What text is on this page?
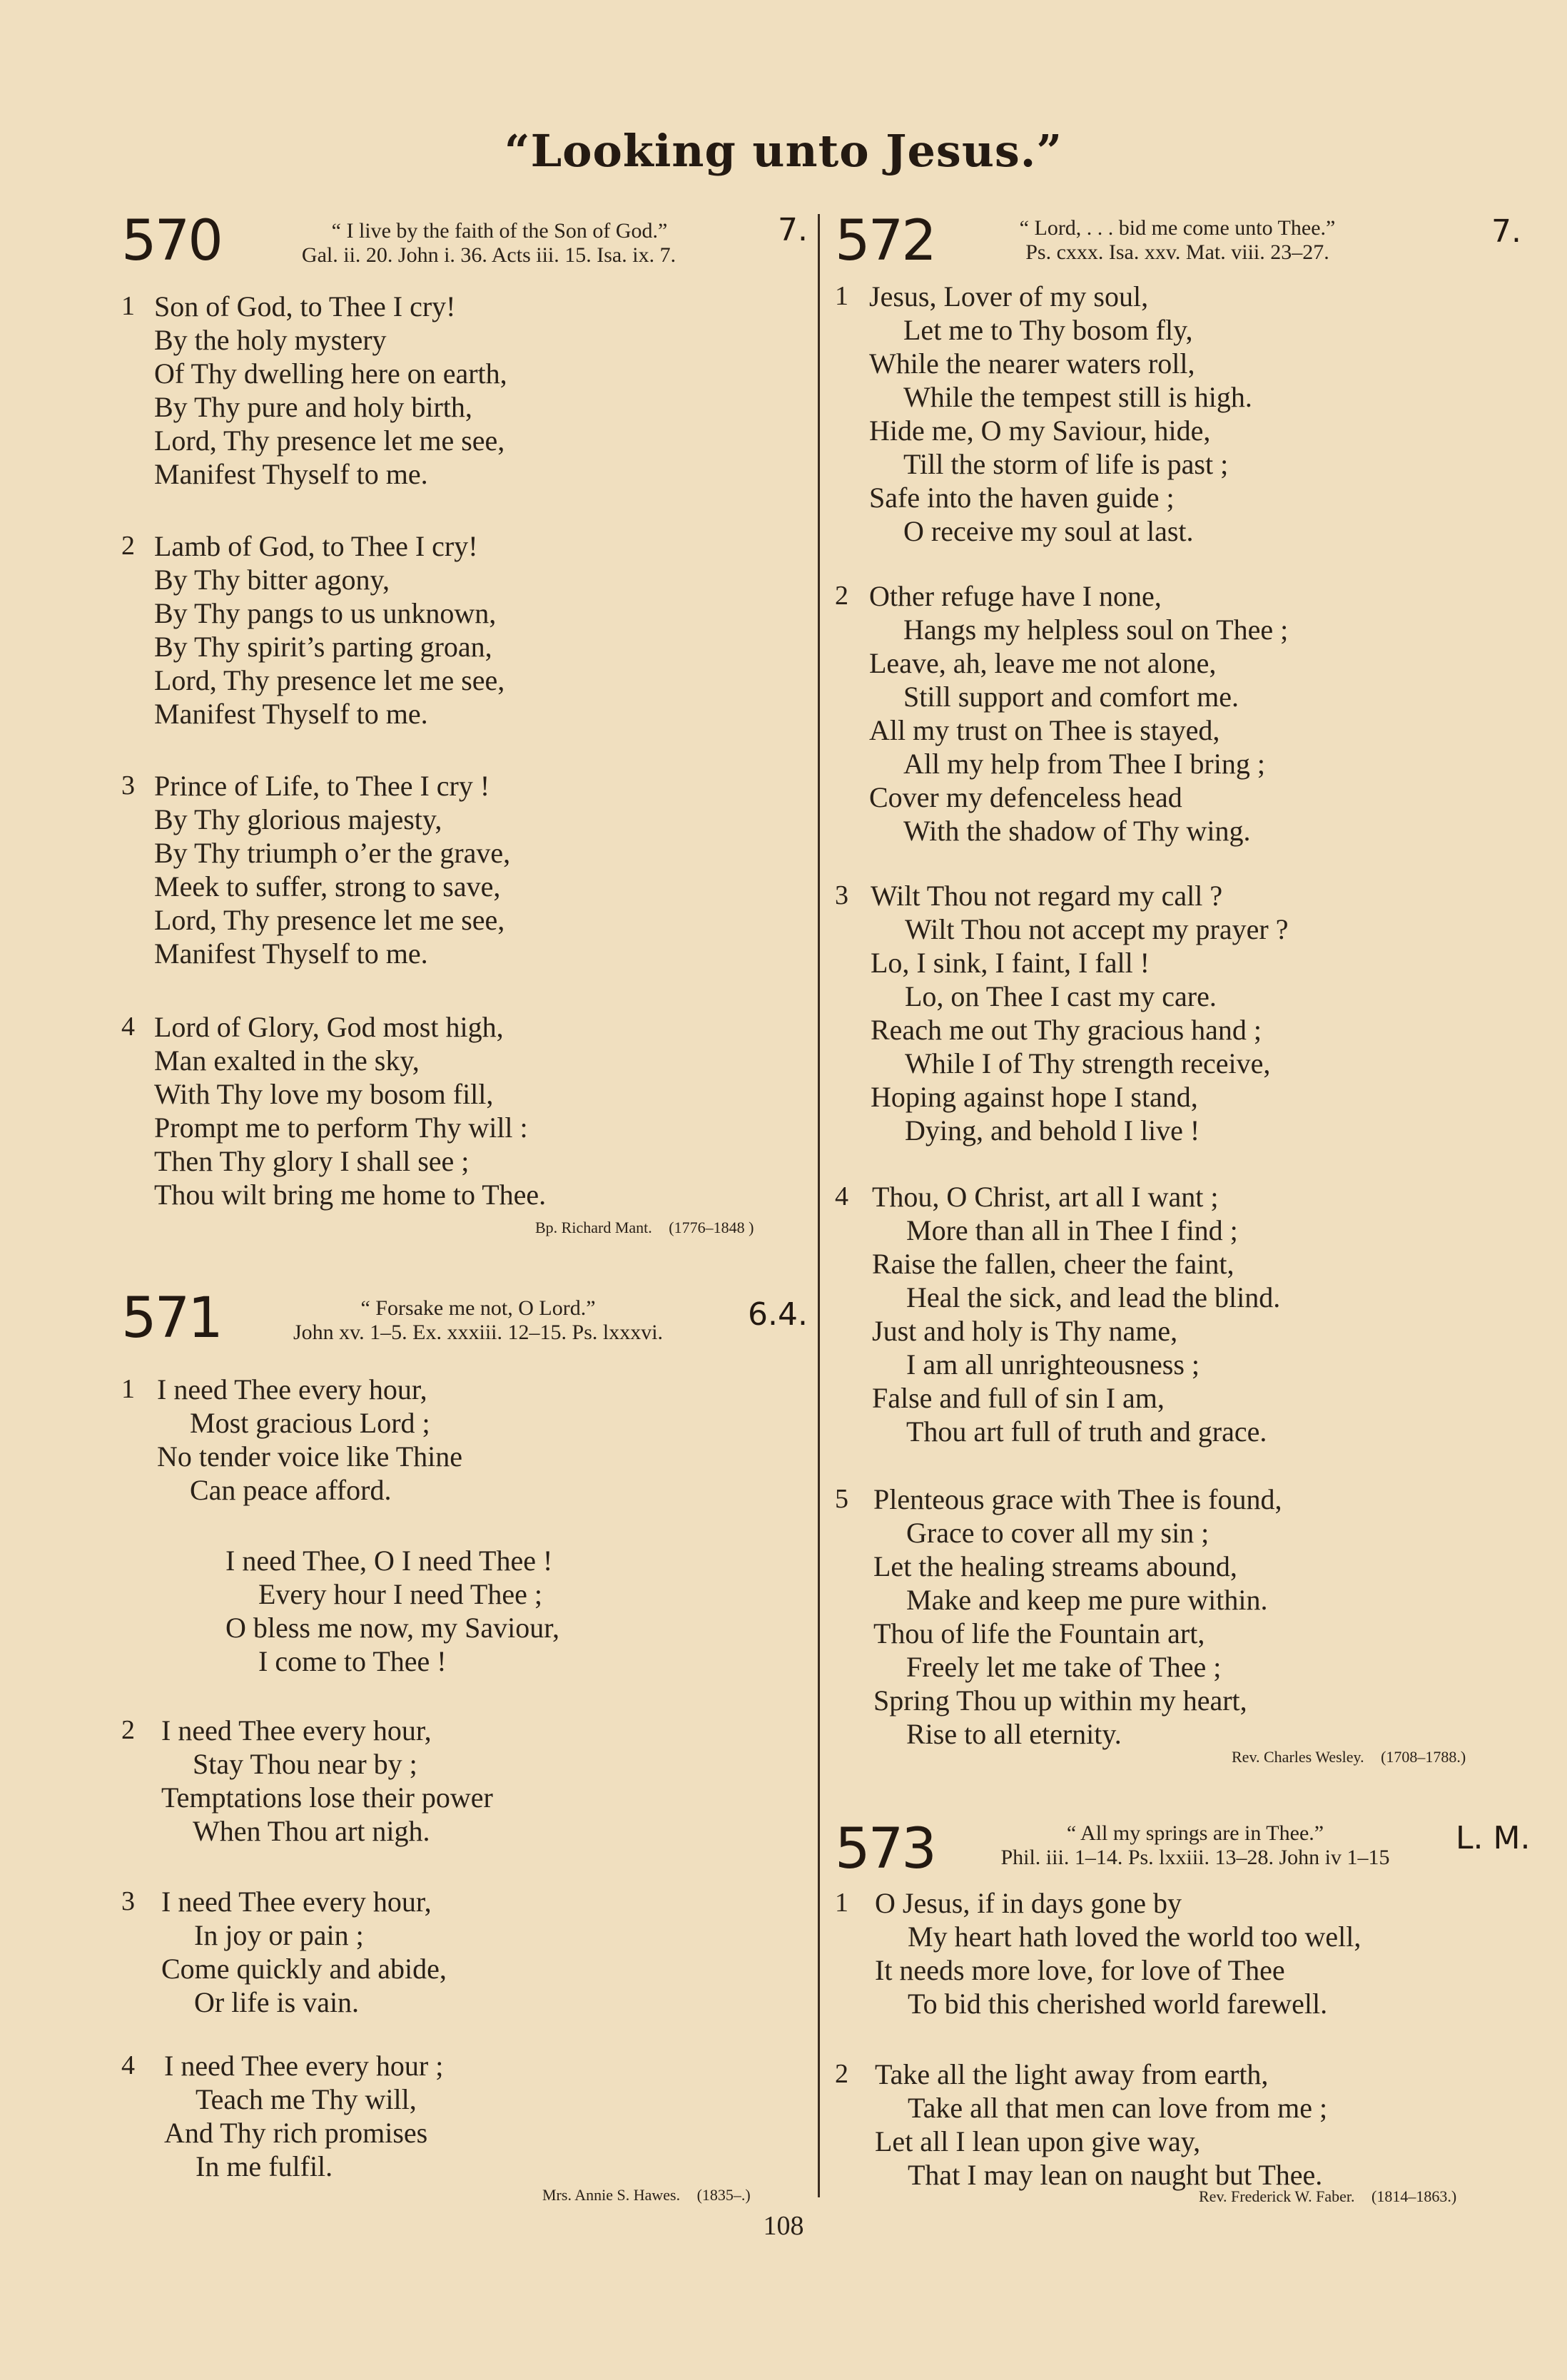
“Looking unto Jesus.”
570	“ I live by the faith of the Son of God.”
Gal. ii. 20. John i. 36. Acts iii. 15. Isa. ix. 7.
7.
1 Son of God, to Thee I cry!
By the holy mystery
Of Thy dwelling here on earth,
By Thy pure and holy birth,
Lord, Thy presence let me see,
Manifest Thyself to me.
2 Lamb of God, to Thee I cry!
By Thy bitter agony,
By Thy pangs to us unknown,
By Thy spirit’s parting groan,
Lord, Thy presence let me see,
Manifest Thyself to me.
3 Prince of Life, to Thee I cry !
By Thy glorious majesty,
By Thy triumph o’er the grave,
Meek to suffer, strong to save,
Lord, Thy presence let me see,
Manifest Thyself to me.
4 Lord of Glory, God most high,
Man exalted in the sky,
With Thy love my bosom fill,
Prompt me to perform Thy will :
Then Thy glory I shall see ;
Thou wilt bring me home to Thee.
Bp. Richard Mant. (1776–1848 )
571	“ Forsake me not, O Lord.”
John xv. 1–5. Ex. xxxiii. 12–15. Ps. lxxxvi.	6.4.
1 I need Thee every hour,
Most gracious Lord ;
No tender voice like Thine
Can peace afford.
I need Thee, O I need Thee !
Every hour I need Thee ;
O bless me now, my Saviour,
I come to Thee !
2 I need Thee every hour,
Stay Thou near by ;
Temptations lose their power
When Thou art nigh.
3 I need Thee every hour,
In joy or pain ;
Come quickly and abide,
Or life is vain.
4 I need Thee every hour ;
Teach me Thy will,
And Thy rich promises
In me fulfil.
Mrs. Annie S. Hawes. (1835–.)
572	“ Lord, . . . bid me come unto Thee.”
Ps. cxxx. Isa. xxv. Mat. viii. 23–27.
7.
1 Jesus, Lover of my soul,
Let me to Thy bosom fly,
While the nearer waters roll,
While the tempest still is high.
Hide me, O my Saviour, hide,
Till the storm of life is past ;
Safe into the haven guide ;
O receive my soul at last.
2 Other refuge have I none,
Hangs my helpless soul on Thee ;
Leave, ah, leave me not alone,
Still support and comfort me.
All my trust on Thee is stayed,
All my help from Thee I bring ;
Cover my defenceless head
With the shadow of Thy wing.
3 Wilt Thou not regard my call ?
Wilt Thou not accept my prayer ?
Lo, I sink, I faint, I fall !
Lo, on Thee I cast my care.
Reach me out Thy gracious hand ;
While I of Thy strength receive,
Hoping against hope I stand,
Dying, and behold I live !
4 Thou, O Christ, art all I want ;
More than all in Thee I find ;
Raise the fallen, cheer the faint,
Heal the sick, and lead the blind.
Just and holy is Thy name,
I am all unrighteousness ;
False and full of sin I am,
Thou art full of truth and grace.
5 Plenteous grace with Thee is found,
Grace to cover all my sin ;
Let the healing streams abound,
Make and keep me pure within.
Thou of life the Fountain art,
Freely let me take of Thee ;
Spring Thou up within my heart,
Rise to all eternity.
Rev. Charles Wesley. (1708–1788.)
573	“ All my springs are in Thee.”
Phil. iii. 1–14. Ps. lxxiii. 13–28. John iv 1–15
L. M.
1 O Jesus, if in days gone by
My heart hath loved the world too well,
It needs more love, for love of Thee
To bid this cherished world farewell.
2 Take all the light away from earth,
Take all that men can love from me ;
Let all I lean upon give way,
That I may lean on naught but Thee.
Rev. Frederick W. Faber. (1814–1863.)
108
